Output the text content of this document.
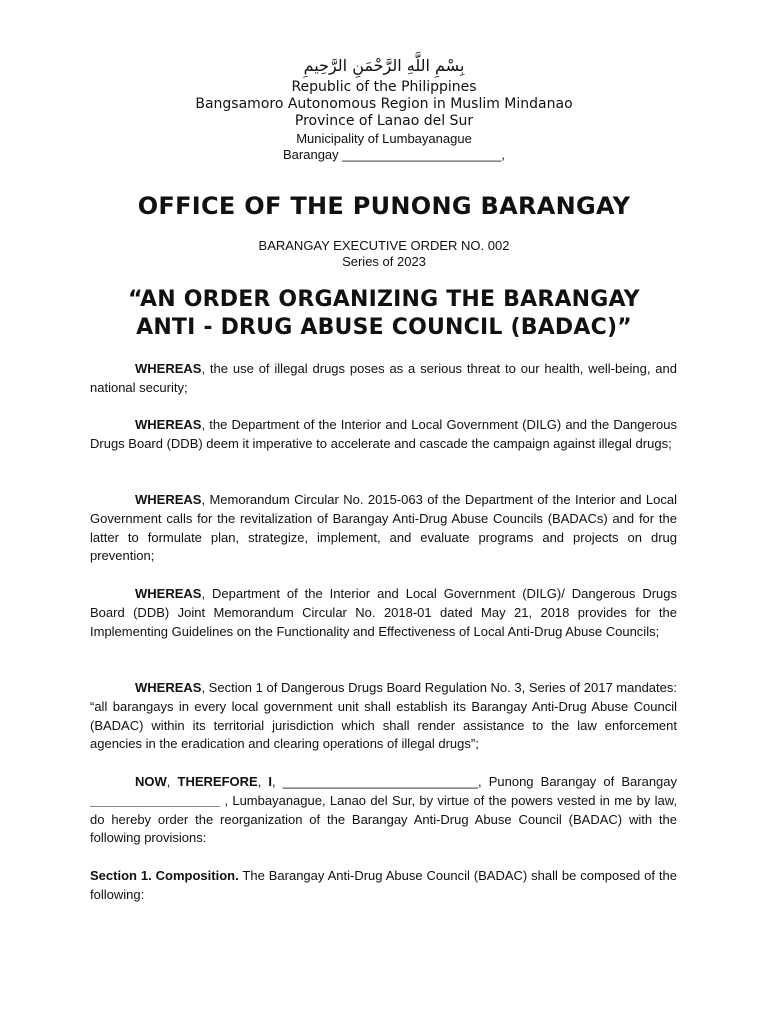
بِسْمِ اللَّهِ الرَّحْمَنِ الرَّحِيمِ

Republic of the Philippines

Bangsamoro Autonomous Region in Muslim Mindanao

Province of Lanao del Sur

Municipality of Lumbayanague

Barangay ______________________,
OFFICE OF THE PUNONG BARANGAY
BARANGAY EXECUTIVE ORDER NO. 002
Series of 2023
“AN ORDER ORGANIZING THE BARANGAY
ANTI - DRUG ABUSE COUNCIL (BADAC)”

WHEREAS, the use of illegal drugs poses as a serious threat to our health, well-being, and national security;

WHEREAS, the Department of the Interior and Local Government (DILG) and the Dangerous Drugs Board (DDB) deem it imperative to accelerate and cascade the campaign against illegal drugs;

WHEREAS, Memorandum Circular No. 2015-063 of the Department of the Interior and Local Government calls for the revitalization of Barangay Anti-Drug Abuse Councils (BADACs) and for the latter to formulate plan, strategize, implement, and evaluate programs and projects on drug prevention;

WHEREAS, Department of the Interior and Local Government (DILG)/ Dangerous Drugs Board (DDB) Joint Memorandum Circular No. 2018-01 dated May 21, 2018 provides for the Implementing Guidelines on the Functionality and Effectiveness of Local Anti-Drug Abuse Councils;

WHEREAS, Section 1 of Dangerous Drugs Board Regulation No. 3, Series of 2017 mandates: “all barangays in every local government unit shall establish its Barangay Anti-Drug Abuse Council (BADAC) within its territorial jurisdiction which shall render assistance to the law enforcement agencies in the eradication and clearing operations of illegal drugs”;

NOW, THEREFORE, I, ___________________________, Punong Barangay of Barangay __________________ , Lumbayanague, Lanao del Sur, by virtue of the powers vested in me by law, do hereby order the reorganization of the Barangay Anti-Drug Abuse Council (BADAC) with the following provisions:

Section 1. Composition. The Barangay Anti-Drug Abuse Council (BADAC) shall be composed of the following:
